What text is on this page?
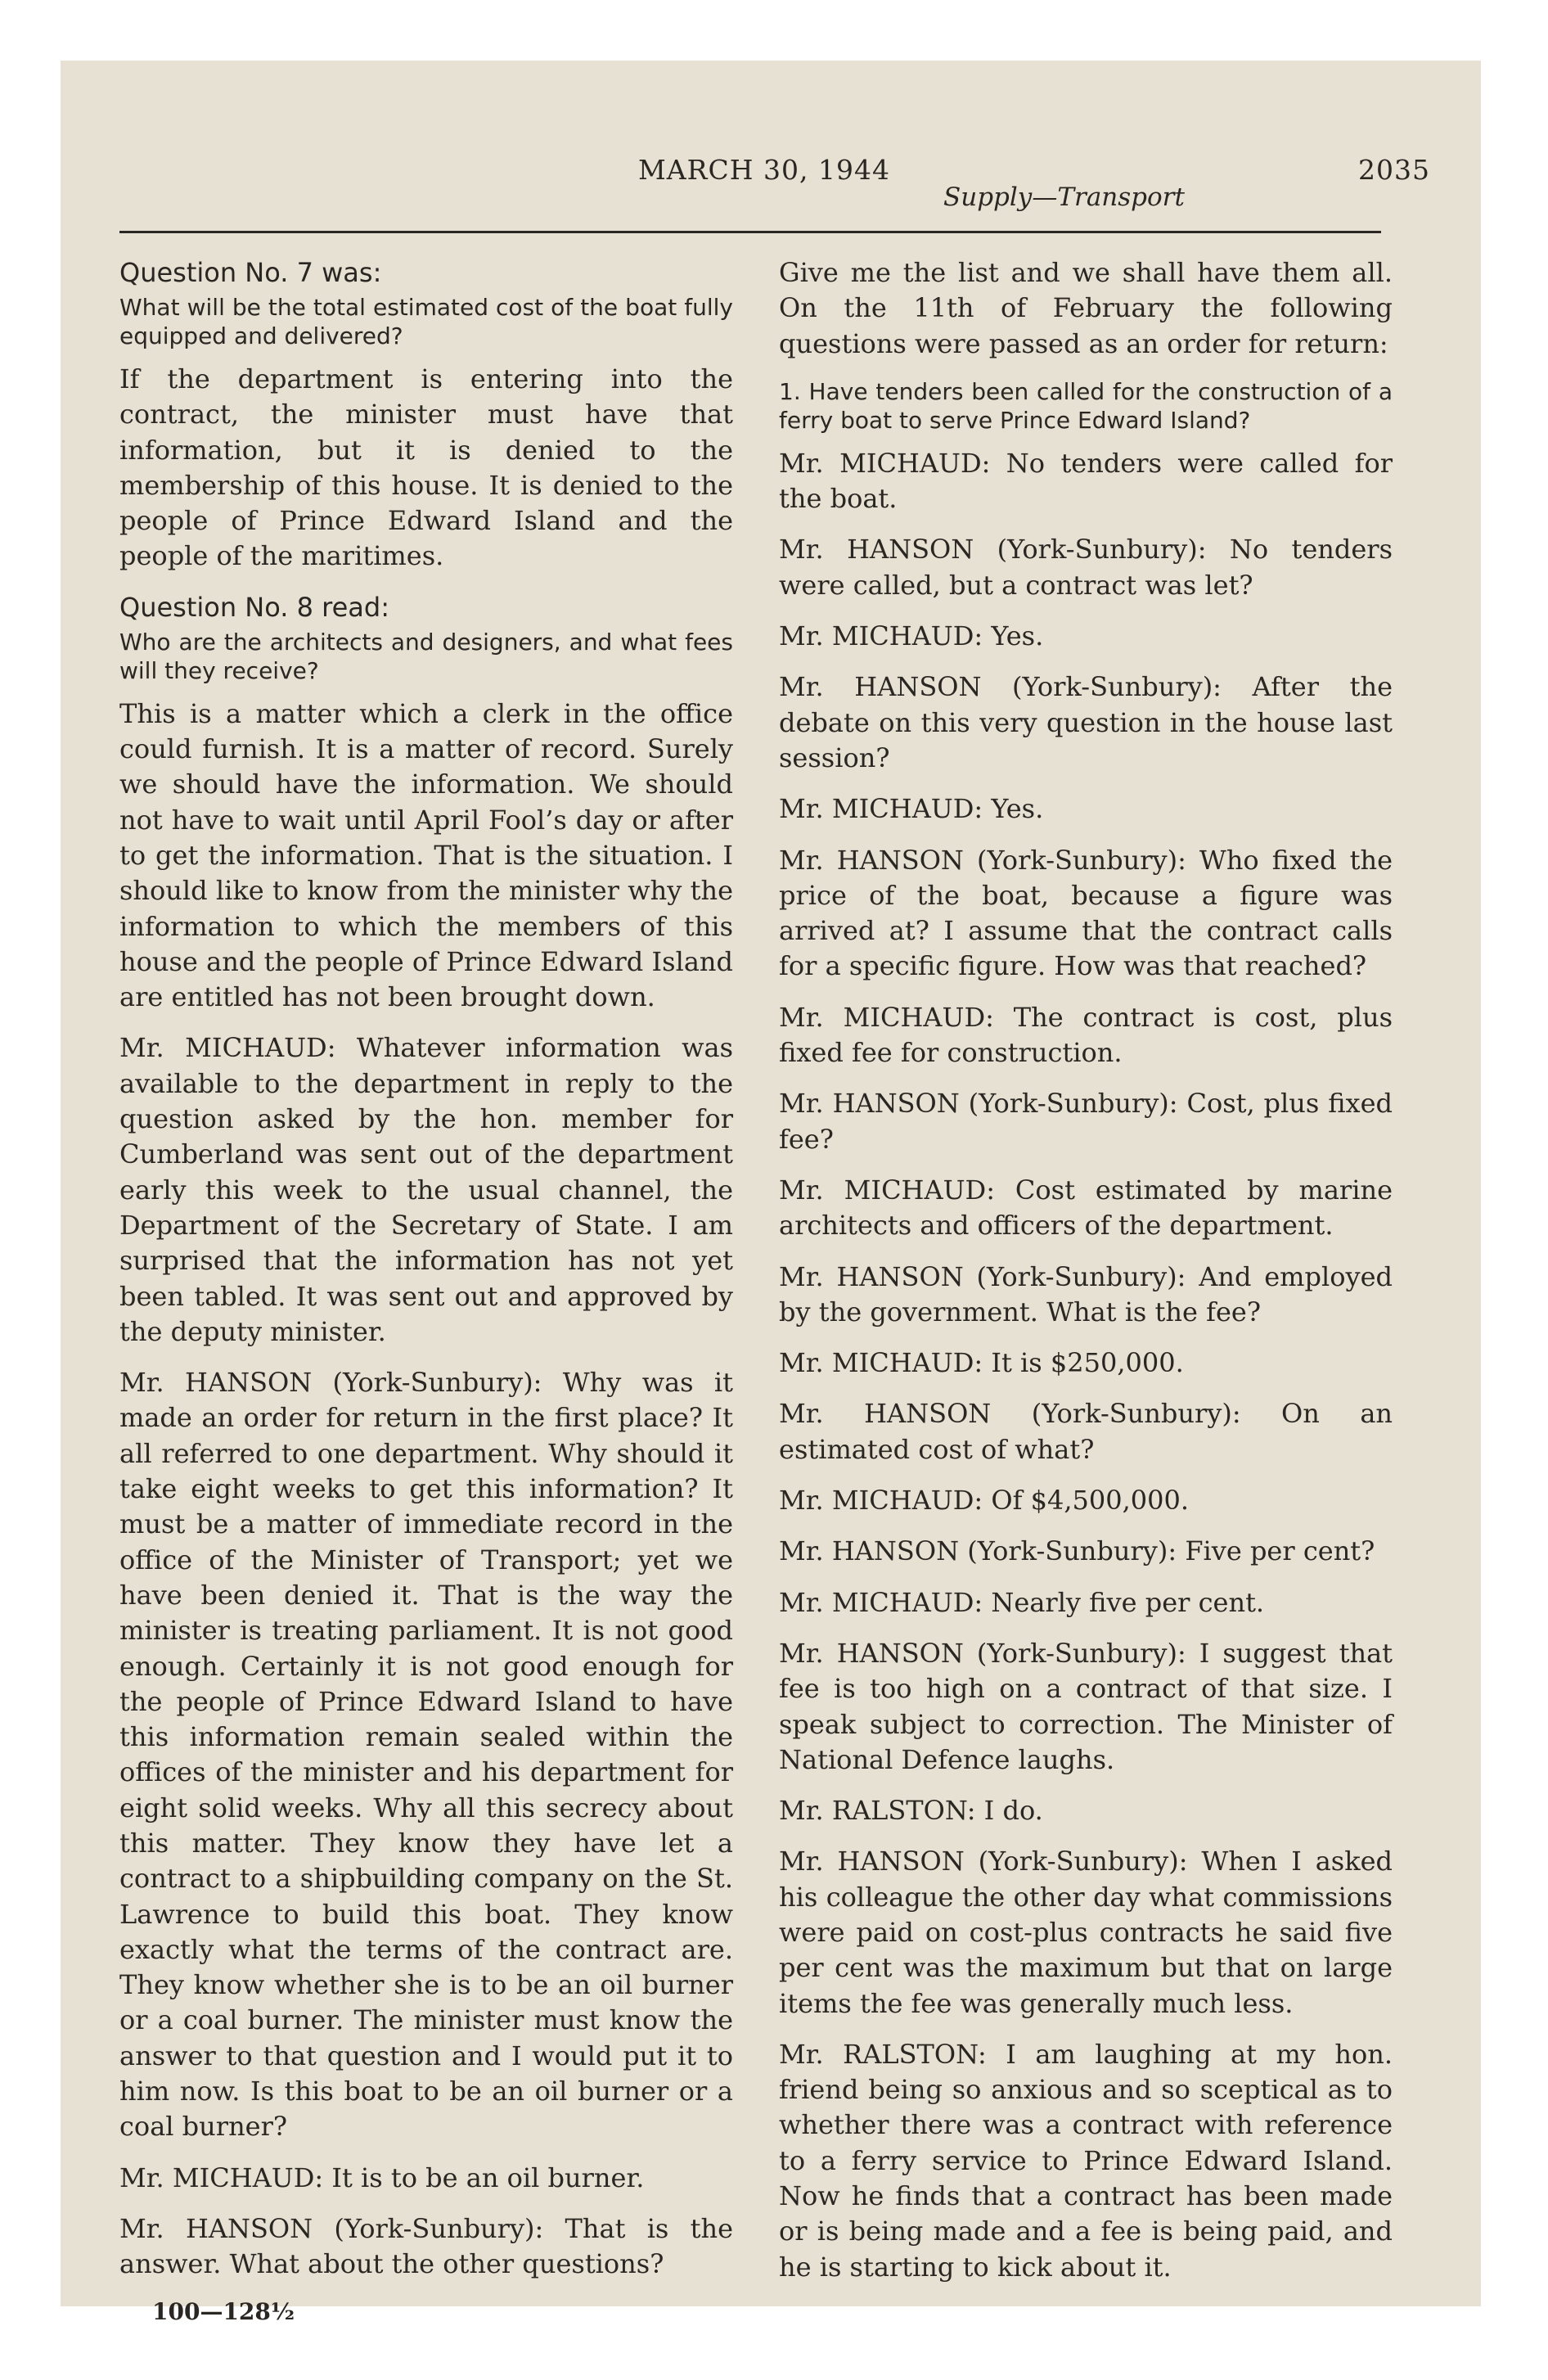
MARCH 30, 1944	2035
Supply—Transport

Question No. 7 was:

What will be the total estimated cost of the boat fully equipped and delivered?

If the department is entering into the contract, the minister must have that information, but it is denied to the membership of this house. It is denied to the people of Prince Edward Island and the people of the maritimes.

Question No. 8 read:

Who are the architects and designers, and what fees will they receive?

This is a matter which a clerk in the office could furnish. It is a matter of record. Surely we should have the information. We should not have to wait until April Fool’s day or after to get the information. That is the situation. I should like to know from the minister why the information to which the members of this house and the people of Prince Edward Island are entitled has not been brought down.

Mr. MICHAUD: Whatever information was available to the department in reply to the question asked by the hon. member for Cumberland was sent out of the department early this week to the usual channel, the Department of the Secretary of State. I am surprised that the information has not yet been tabled. It was sent out and approved by the deputy minister.

Mr. HANSON (York-Sunbury): Why was it made an order for return in the first place? It all referred to one department. Why should it take eight weeks to get this information? It must be a matter of immediate record in the office of the Minister of Transport; yet we have been denied it. That is the way the minister is treating parliament. It is not good enough. Certainly it is not good enough for the people of Prince Edward Island to have this information remain sealed within the offices of the minister and his department for eight solid weeks. Why all this secrecy about this matter. They know they have let a contract to a shipbuilding company on the St. Lawrence to build this boat. They know exactly what the terms of the contract are. They know whether she is to be an oil burner or a coal burner. The minister must know the answer to that question and I would put it to him now. Is this boat to be an oil burner or a coal burner?

Mr. MICHAUD: It is to be an oil burner.

Mr. HANSON (York-Sunbury): That is the answer. What about the other questions?

100—128½

Give me the list and we shall have them all. On the 11th of February the following questions were passed as an order for return:

1. Have tenders been called for the construction of a ferry boat to serve Prince Edward Island?

Mr. MICHAUD: No tenders were called for the boat.

Mr. HANSON (York-Sunbury): No tenders were called, but a contract was let?

Mr. MICHAUD: Yes.

Mr. HANSON (York-Sunbury): After the debate on this very question in the house last session?

Mr. MICHAUD: Yes.

Mr. HANSON (York-Sunbury): Who fixed the price of the boat, because a figure was arrived at? I assume that the contract calls for a specific figure. How was that reached?

Mr. MICHAUD: The contract is cost, plus fixed fee for construction.

Mr. HANSON (York-Sunbury): Cost, plus fixed fee?

Mr. MICHAUD: Cost estimated by marine architects and officers of the department.

Mr. HANSON (York-Sunbury): And employed by the government. What is the fee?

Mr. MICHAUD: It is $250,000.

Mr. HANSON (York-Sunbury): On an estimated cost of what?

Mr. MICHAUD: Of $4,500,000.

Mr. HANSON (York-Sunbury): Five per cent?

Mr. MICHAUD: Nearly five per cent.

Mr. HANSON (York-Sunbury): I suggest that fee is too high on a contract of that size. I speak subject to correction. The Minister of National Defence laughs.

Mr. RALSTON: I do.

Mr. HANSON (York-Sunbury): When I asked his colleague the other day what commissions were paid on cost-plus contracts he said five per cent was the maximum but that on large items the fee was generally much less.

Mr. RALSTON: I am laughing at my hon. friend being so anxious and so sceptical as to whether there was a contract with reference to a ferry service to Prince Edward Island. Now he finds that a contract has been made or is being made and a fee is being paid, and he is starting to kick about it.
